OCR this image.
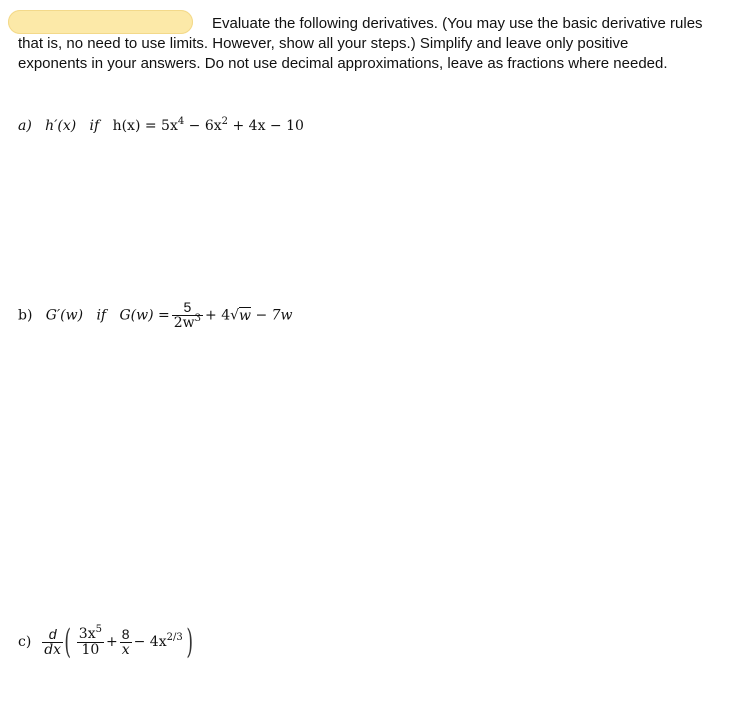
Evaluate the following derivatives. (You may use the basic derivative rules
that is, no need to use limits. However, show all your steps.) Simplify and leave only positive
exponents in your answers. Do not use decimal approximations, leave as fractions where needed.
a) h′(x) if $h(x) = 5x^4 - 6x^2 + 4x - 10$
b) G′(w) if $G(w) = \frac{5}{2w^3} + 4√w - 7w$
$c) \frac{d}{dx}$ ( $\frac{3x^5}{10} + \frac{8}{x} - 4x^{2/3}$ )
